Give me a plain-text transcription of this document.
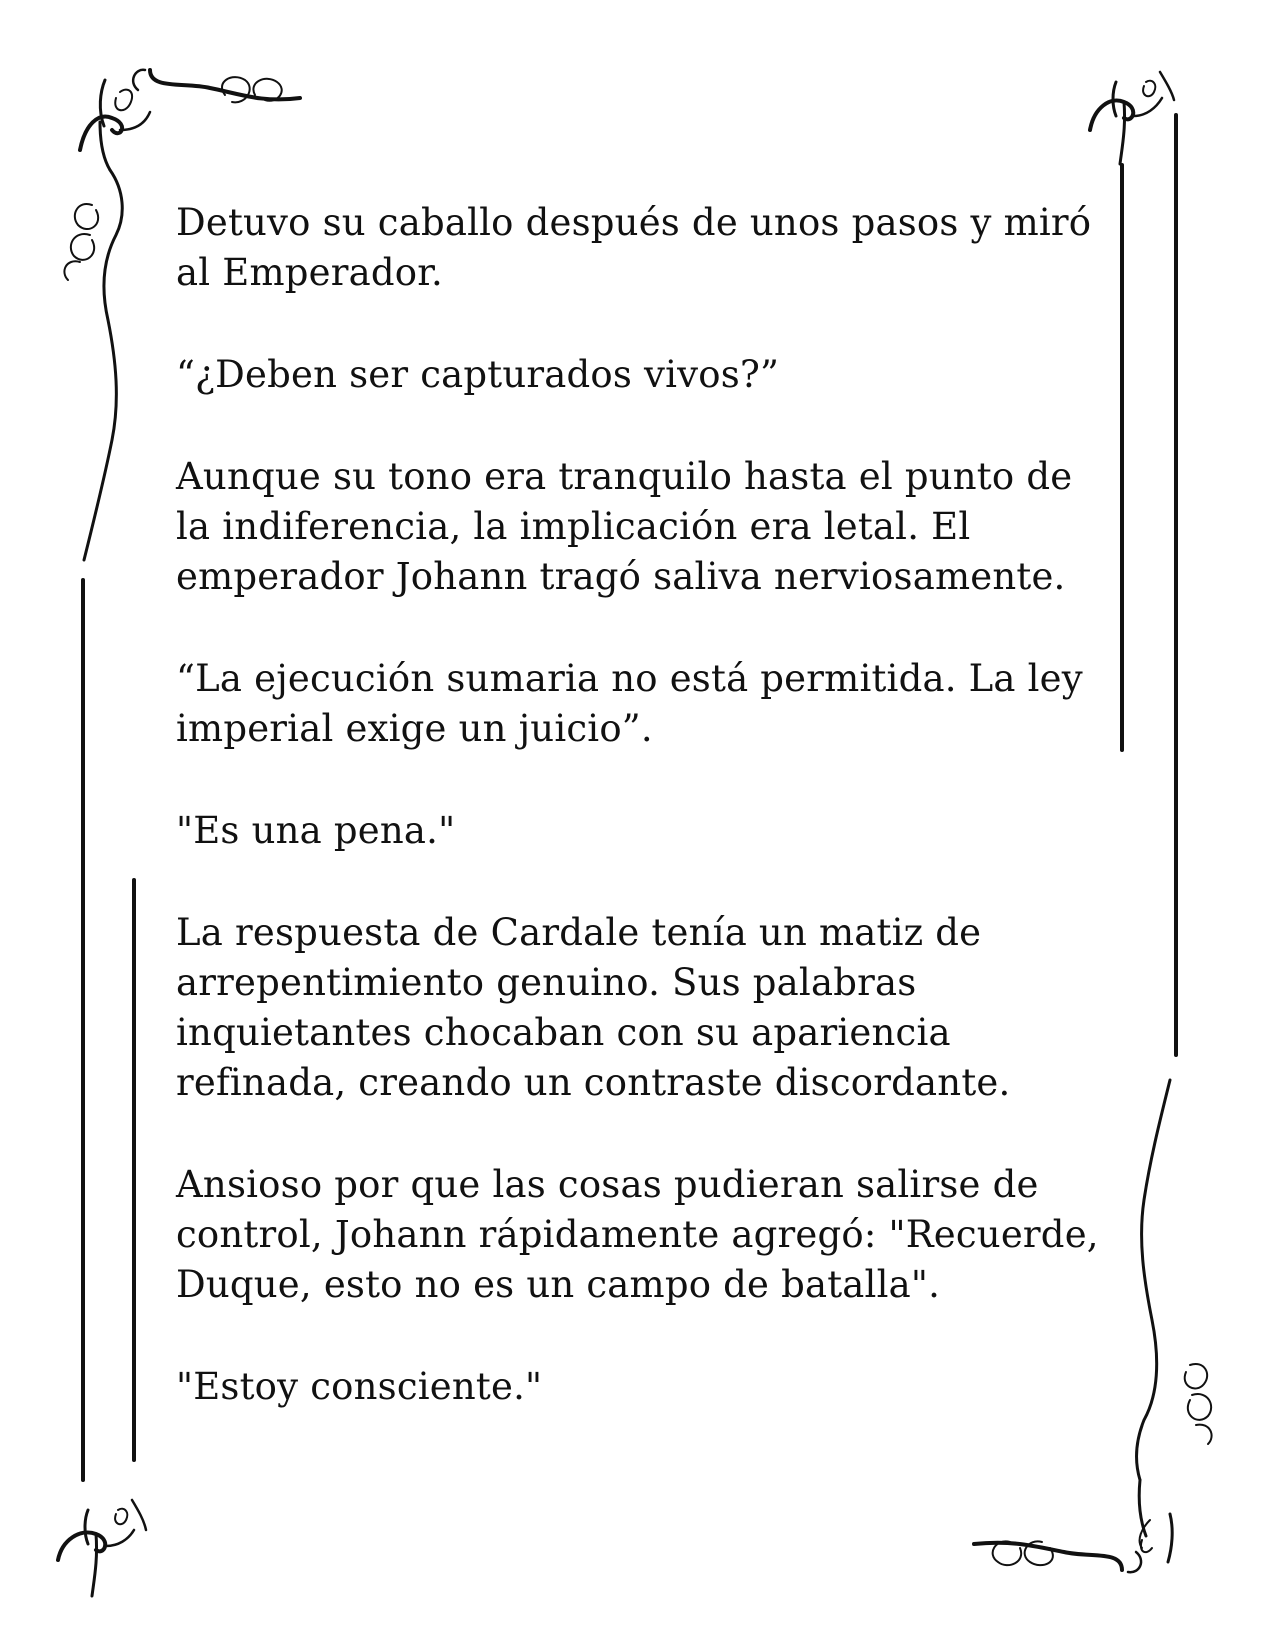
Detuvo su caballo después de unos pasos y miró al Emperador.

“¿Deben ser capturados vivos?”

Aunque su tono era tranquilo hasta el punto de la indiferencia, la implicación era letal. El emperador Johann tragó saliva nerviosamente.

“La ejecución sumaria no está permitida. La ley imperial exige un juicio”.

"Es una pena."

La respuesta de Cardale tenía un matiz de arrepentimiento genuino. Sus palabras inquietantes chocaban con su apariencia refinada, creando un contraste discordante.

Ansioso por que las cosas pudieran salirse de control, Johann rápidamente agregó: "Recuerde, Duque, esto no es un campo de batalla".

"Estoy consciente."
